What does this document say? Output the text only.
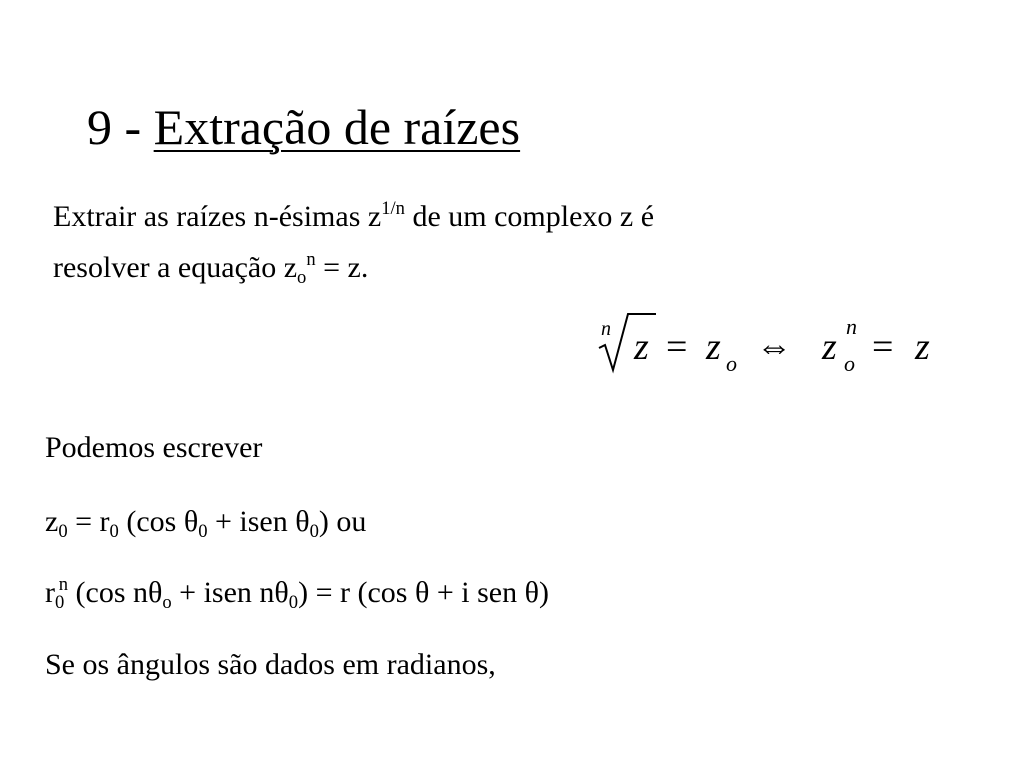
9 - Extração de raízes
Extrair as raízes n-ésimas $z^{1/n}$ de um complexo z é
resolver a equação $z_o^n = z$.
n z = z o ⇔ z n
o = z
Podemos escrever
$z_0 = r_0$ (cos $\theta_0$ + isen $\theta_0$) ou
$r_0^n$ (cos $n\theta_o$ + isen $n\theta_0) = r$ (cos θ + i sen θ)
Se os ângulos são dados em radianos,
